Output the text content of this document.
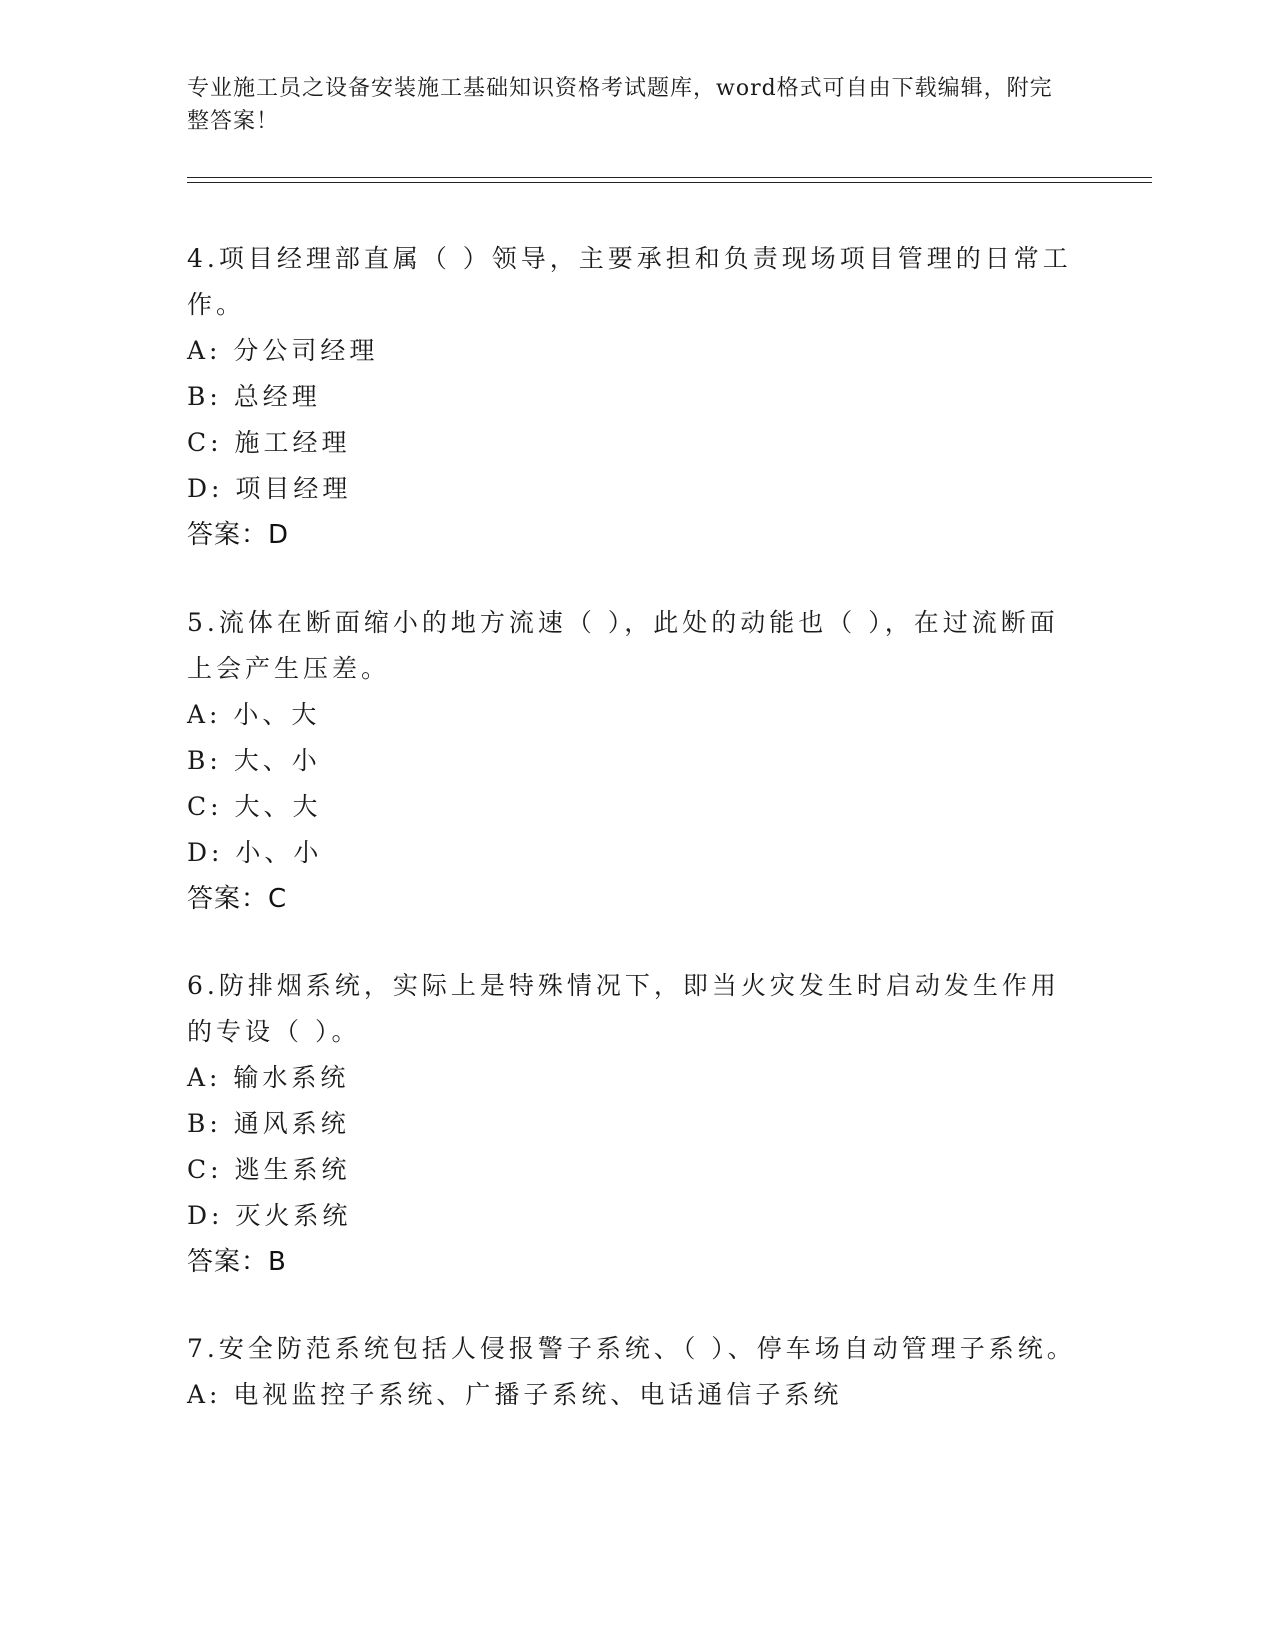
专业施工员之设备安装施工基础知识资格考试题库，word格式可自由下载编辑，附完整答案！

4.项目经理部直属（ ）领导，主要承担和负责现场项目管理的日常工作。

A: 分公司经理
B: 总经理
C: 施工经理
D: 项目经理
答案：D

5.流体在断面缩小的地方流速（ ），此处的动能也（ ），在过流断面上会产生压差。

A: 小、大
B: 大、小
C: 大、大
D: 小、小
答案：C

6.防排烟系统，实际上是特殊情况下，即当火灾发生时启动发生作用的专设（ ）。

A: 输水系统
B: 通风系统
C: 逃生系统
D: 灭火系统
答案：B

7.安全防范系统包括人侵报警子系统、（ ）、停车场自动管理子系统。

A: 电视监控子系统、广播子系统、电话通信子系统
